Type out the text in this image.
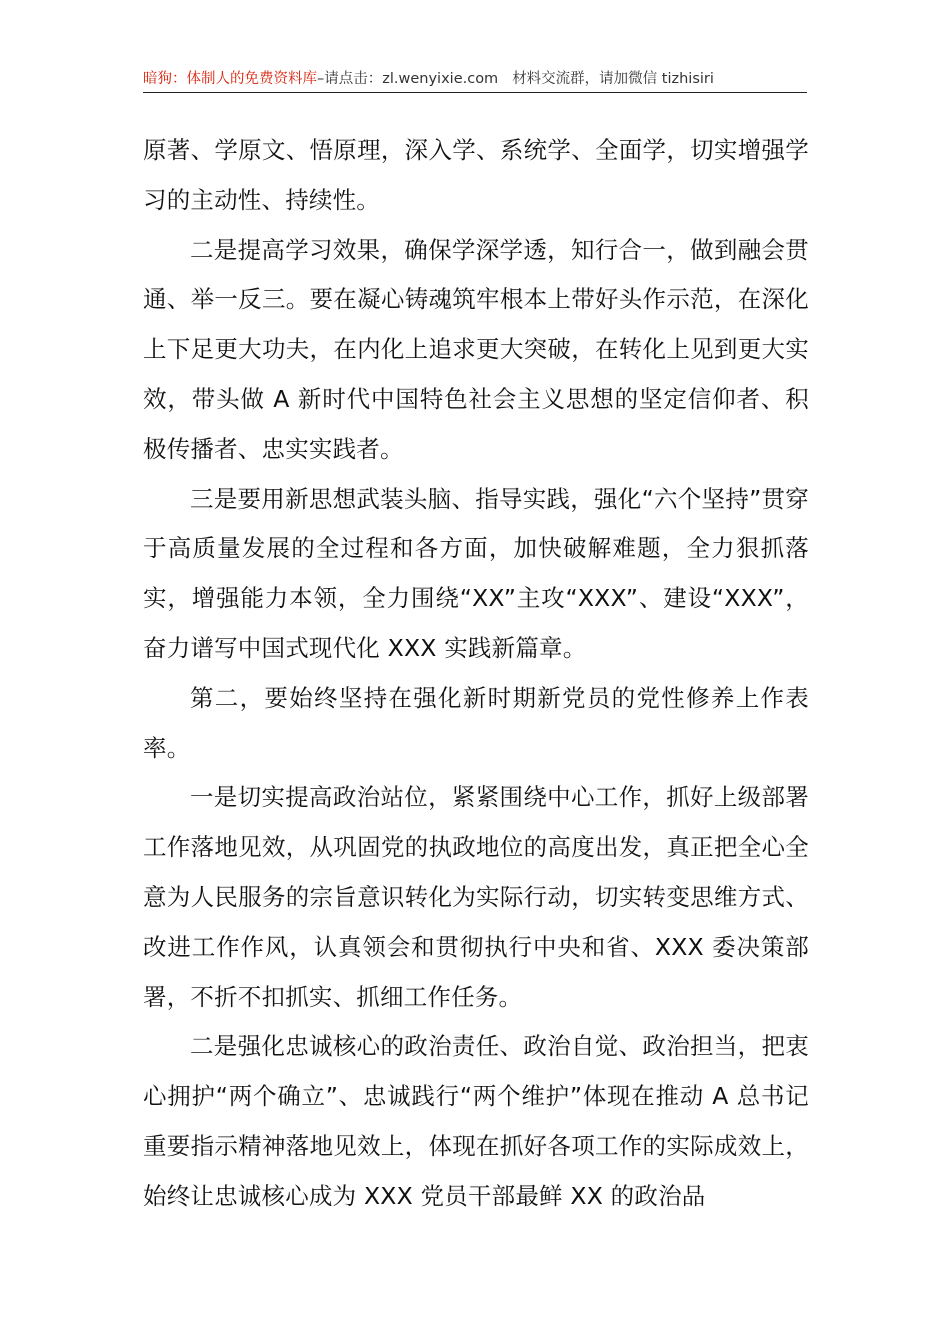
暗狗：体制人的免费资料库–请点击：zl.wenyixie.com 材料交流群，请加微信 tizhisiri

原著、学原文、悟原理，深入学、系统学、全面学，切实增强学习的主动性、持续性。

二是提高学习效果，确保学深学透，知行合一，做到融会贯通、举一反三。要在凝心铸魂筑牢根本上带好头作示范，在深化上下足更大功夫，在内化上追求更大突破，在转化上见到更大实效，带头做 A 新时代中国特色社会主义思想的坚定信仰者、积极传播者、忠实实践者。

三是要用新思想武装头脑、指导实践，强化“六个坚持”贯穿于高质量发展的全过程和各方面，加快破解难题，全力狠抓落实，增强能力本领，全力围绕“XX”主攻“XXX”、建设“XXX”，奋力谱写中国式现代化 XXX 实践新篇章。

第二，要始终坚持在强化新时期新党员的党性修养上作表率。

一是切实提高政治站位，紧紧围绕中心工作，抓好上级部署工作落地见效，从巩固党的执政地位的高度出发，真正把全心全意为人民服务的宗旨意识转化为实际行动，切实转变思维方式、改进工作作风，认真领会和贯彻执行中央和省、XXX 委决策部署，不折不扣抓实、抓细工作任务。

二是强化忠诚核心的政治责任、政治自觉、政治担当，把衷心拥护“两个确立”、忠诚践行“两个维护”体现在推动 A 总书记重要指示精神落地见效上，体现在抓好各项工作的实际成效上，始终让忠诚核心成为 XXX 党员干部最鲜 XX 的政治品
